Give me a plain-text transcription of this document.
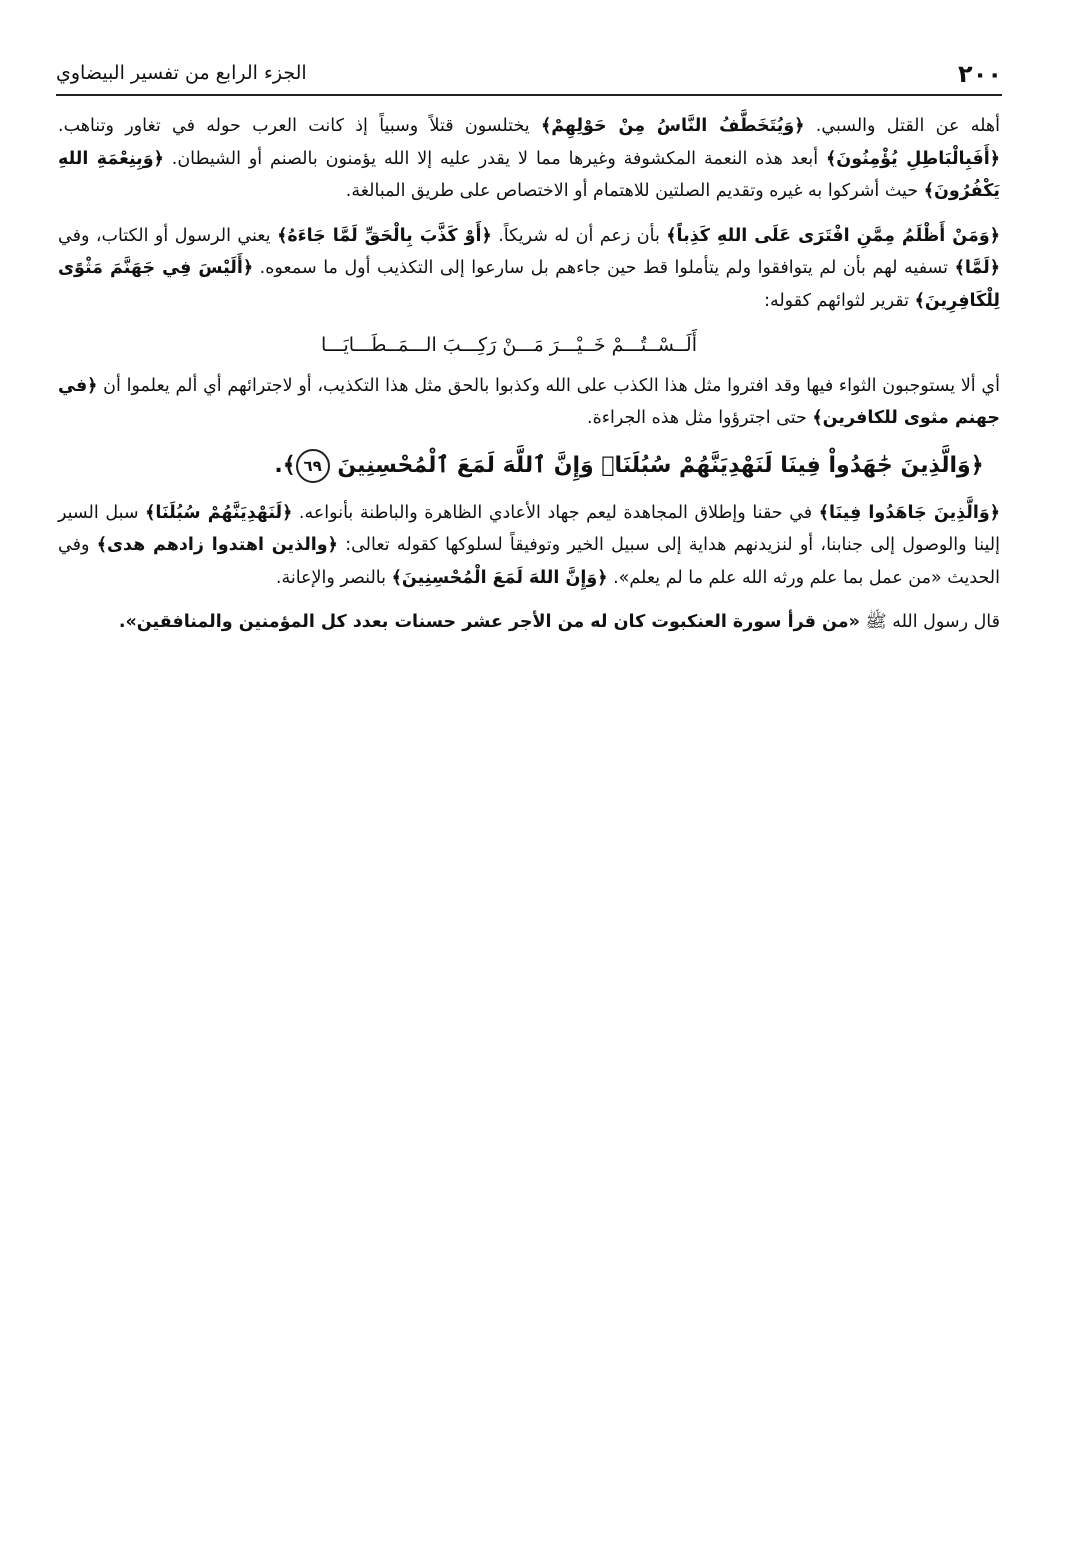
٢٠٠
الجزء الرابع من تفسير البيضاوي

أهله عن القتل والسبي. ﴿وَيُتَخَطَّفُ النَّاسُ مِنْ حَوْلِهِمْ﴾ يختلسون قتلاً وسبياً إذ كانت العرب حوله في تغاور وتناهب. ﴿أَفَبِالْبَاطِلِ يُؤْمِنُونَ﴾ أبعد هذه النعمة المكشوفة وغيرها مما لا يقدر عليه إلا الله يؤمنون بالصنم أو الشيطان. ﴿وَبِنِعْمَةِ اللهِ يَكْفُرُونَ﴾ حيث أشركوا به غيره وتقديم الصلتين للاهتمام أو الاختصاص على طريق المبالغة.

﴿وَمَنْ أَظْلَمُ مِمَّنِ افْتَرَى عَلَى اللهِ كَذِباً﴾ بأن زعم أن له شريكاً. ﴿أَوْ كَذَّبَ بِالْحَقِّ لَمَّا جَاءَهُ﴾ يعني الرسول أو الكتاب، وفي ﴿لَمَّا﴾ تسفيه لهم بأن لم يتوافقوا ولم يتأملوا قط حين جاءهم بل سارعوا إلى التكذيب أول ما سمعوه. ﴿أَلَيْسَ فِي جَهَنَّمَ مَثْوًى لِلْكَافِرِينَ﴾ تقرير لثوائهم كقوله:

أَلَــسْــتُـــمْ خَــيْـــرَ مَـــنْ رَكِـــبَ الـــمَــطَـــايَـــا

أي ألا يستوجبون الثواء فيها وقد افتروا مثل هذا الكذب على الله وكذبوا بالحق مثل هذا التكذيب، أو لاجترائهم أي ألم يعلموا أن ﴿في جهنم مثوى للكافرين﴾ حتى اجترؤوا مثل هذه الجراءة.

﴿وَالَّذِينَ جَٰهَدُواْ فِينَا لَنَهْدِيَنَّهُمْ سُبُلَنَاۚ وَإِنَّ ٱللَّهَ لَمَعَ ٱلْمُحْسِنِينَ ٦٩﴾.

﴿وَالَّذِينَ جَاهَدُوا فِينَا﴾ في حقنا وإطلاق المجاهدة ليعم جهاد الأعادي الظاهرة والباطنة بأنواعه. ﴿لَنَهْدِيَنَّهُمْ سُبُلَنَا﴾ سبل السير إلينا والوصول إلى جنابنا، أو لنزيدنهم هداية إلى سبيل الخير وتوفيقاً لسلوكها كقوله تعالى: ﴿والذين اهتدوا زادهم هدى﴾ وفي الحديث «من عمل بما علم ورثه الله علم ما لم يعلم». ﴿وَإِنَّ اللهَ لَمَعَ الْمُحْسِنِينَ﴾ بالنصر والإعانة.

قال رسول الله ﷺ «من قرأ سورة العنكبوت كان له من الأجر عشر حسنات بعدد كل المؤمنين والمنافقين».
